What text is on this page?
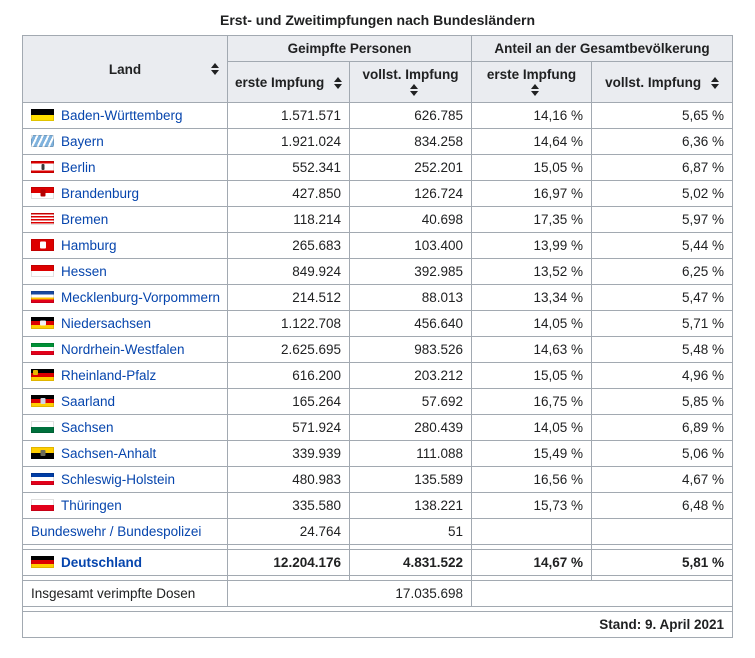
Erst- und Zweitimpfungen nach Bundesländern
Land	Geimpfte Personen		Anteil an der Gesamtbevölkerung	
	erste Impfung	vollst. Impfung	erste Impfung	vollst. Impfung

Baden-Württemberg	1.571.571	626.785	14,16 %	5,65 %
Bayern	1.921.024	834.258	14,64 %	6,36 %

Berlin	552.341	252.201	15,05 %	6,87 %

Brandenburg	427.850	126.724	16,97 %	5,02 %
Bremen	118.214	40.698	17,35 %	5,97 %

Hamburg	265.683	103.400	13,99 %	5,44 %
Hessen	849.924	392.985	13,52 %	6,25 %
Mecklenburg-Vorpommern	214.512	88.013	13,34 %	5,47 %

Niedersachsen	1.122.708	456.640	14,05 %	5,71 %
Nordrhein-Westfalen	2.625.695	983.526	14,63 %	5,48 %

Rheinland-Pfalz	616.200	203.212	15,05 %	4,96 %

Saarland	165.264	57.692	16,75 %	5,85 %
Sachsen	571.924	280.439	14,05 %	6,89 %

Sachsen-Anhalt	339.939	111.088	15,49 %	5,06 %
Schleswig-Holstein	480.983	135.589	16,56 %	4,67 %
Thüringen	335.580	138.221	15,73 %	6,48 %
Bundeswehr / Bundespolizei	24.764	51		

Deutschland	12.204.176	4.831.522	14,67 %	5,81 %

Insgesamt verimpfte Dosen	17.035.698			

Stand: 9. April 2021				
